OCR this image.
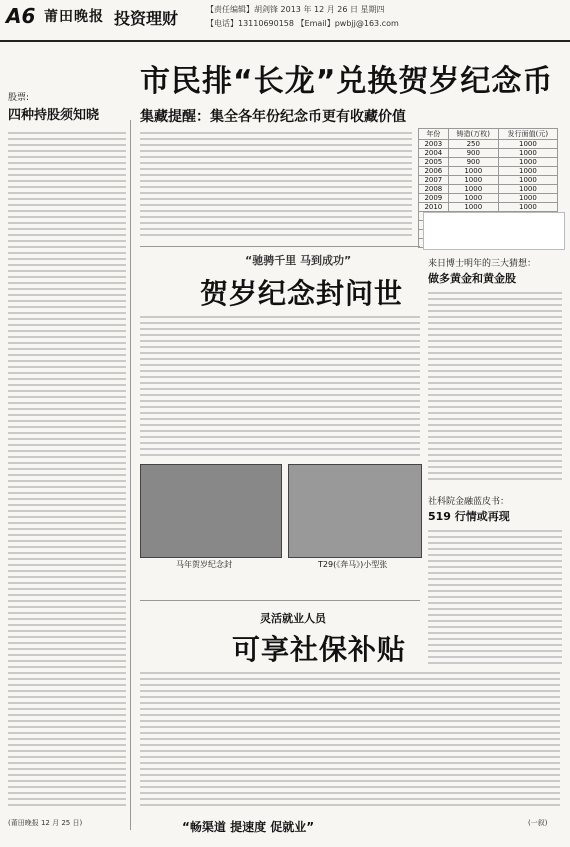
A6 莆田晚报 投资理财	【责任编辑】胡剑锋 2013 年 12 月 26 日 星期四
【电话】13110690158 【Email】pwbjj@163.com
股票:
四种持股须知晓
(莆田晚报 12 月 25 日)
市民排“长龙”兑换贺岁纪念币
集藏提醒：集全各年份纪念币更有收藏价值
年份	铸造(万枚)	发行面值(元)
2003	250	1000
2004	900	1000
2005	900	1000
2006	1000	1000
2007	1000	1000
2008	1000	1000
2009	1000	1000
2010	1000	1000

“驰骋千里 马到成功”
贺岁纪念封问世
马年贺岁纪念封	T29(《奔马》)小型张
灵活就业人员
可享社保补贴
来日博士明年的三大猜想：
做多黄金和黄金股
社科院金融蓝皮书：
519 行情或再现
“畅渠道 提速度 促就业”	(一叙)
